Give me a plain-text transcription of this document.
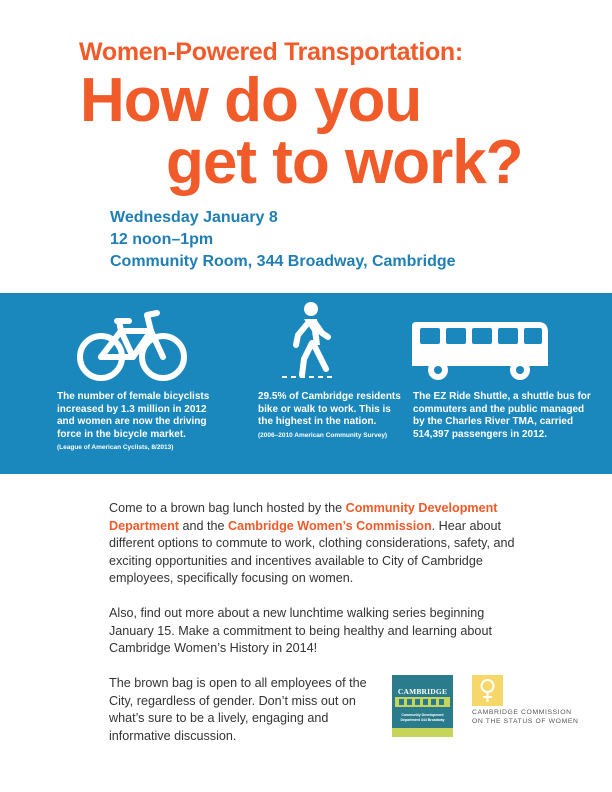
Women-Powered Transportation:
How do you
get to work?
Wednesday January 8
12 noon–1pm
Community Room, 344 Broadway, Cambridge
The number of female bicyclists increased by 1.3 million in 2012 and women are now the driving force in the bicycle market.
(League of American Cyclists, 8/2013)
29.5% of Cambridge residents bike or walk to work. This is the highest in the nation.
(2006–2010 American Community Survey)
The EZ Ride Shuttle, a shuttle bus for commuters and the public managed by the Charles River TMA, carried 514,397 passengers in 2012.
Come to a brown bag lunch hosted by the Community Development Department and the Cambridge Women’s Commission. Hear about different options to commute to work, clothing considerations, safety, and exciting opportunities and incentives available to City of Cambridge employees, specifically focusing on women.
Also, find out more about a new lunchtime walking series beginning January 15. Make a commitment to being healthy and learning about Cambridge Women’s History in 2014!
The brown bag is open to all employees of the City, regardless of gender. Don’t miss out on what’s sure to be a lively, engaging and informative discussion.
CAMBRIDGE
Community Development Department 344 Broadway
CAMBRIDGE COMMISSION ON THE STATUS OF WOMEN
